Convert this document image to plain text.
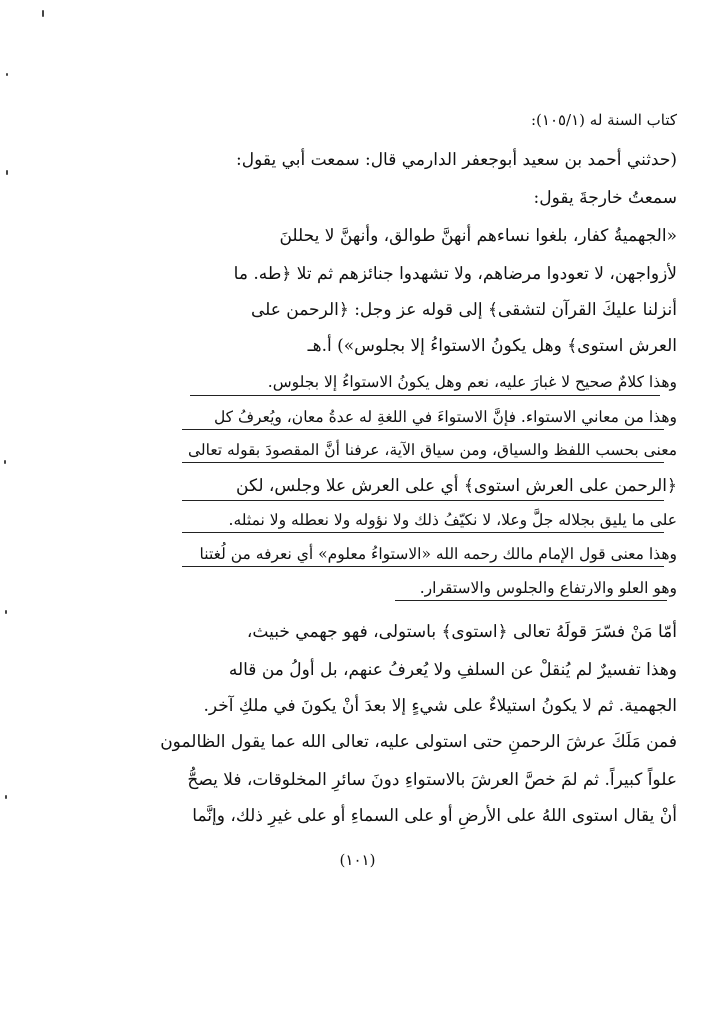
كتاب السنة له (١٠٥/١):
(حدثني أحمد بن سعيد أبوجعفر الدارمي قال: سمعت أبي يقول:
سمعتُ خارجةَ يقول:
«الجهميةُ كفار، بلغوا نساءهم أنهنَّ طوالق، وأنهنَّ لا يحللنَ
لأزواجهن، لا تعودوا مرضاهم، ولا تشهدوا جنائزهم ثم تلا ﴿طه. ما
أنزلنا عليكَ القرآن لتشقى﴾ إلى قوله عز وجل: ﴿الرحمن على
العرش استوى﴾ وهل يكونُ الاستواءُ إلا بجلوس») أ.هـ
وهذا كلامٌ صحيح لا غبارَ عليه، نعم وهل يكونُ الاستواءُ إلا بجلوس.
وهذا من معاني الاستواء. فإنَّ الاستواءَ في اللغةِ له عدةُ معان، ويُعرفُ كل
معنى بحسب اللفظ والسياق، ومن سياق الآية، عرفنا أنَّ المقصودَ بقوله تعالى
﴿الرحمن على العرش استوى﴾ أي على العرش علا وجلس، لكن
على ما يليق بجلاله جلَّ وعلا، لا نكيّفُ ذلك ولا نؤوله ولا نعطله ولا نمثله.
وهذا معنى قول الإمام مالك رحمه الله «الاستواءُ معلوم» أي نعرفه من لُغتنا
وهو العلو والارتفاع والجلوس والاستقرار.
أمّا مَنْ فسّرَ قولَهُ تعالى ﴿استوى﴾ باستولى، فهو جهمي خبيث،
وهذا تفسيرٌ لم يُنقلْ عن السلفِ ولا يُعرفُ عنهم، بل أولُ من قاله
الجهمية. ثم لا يكونُ استيلاءٌ على شيءٍ إلا بعدَ أنْ يكونَ في ملكِ آخر.
فمن مَلَكَ عرشَ الرحمنِ حتى استولى عليه، تعالى الله عما يقول الظالمون
علواً كبيراً. ثم لمَ خصَّ العرشَ بالاستواءِ دونَ سائرِ المخلوقات، فلا يصحُّ
أنْ يقال استوى اللهُ على الأرضِ أو على السماءِ أو على غيرِ ذلك، وإنَّما
(١٠١)
